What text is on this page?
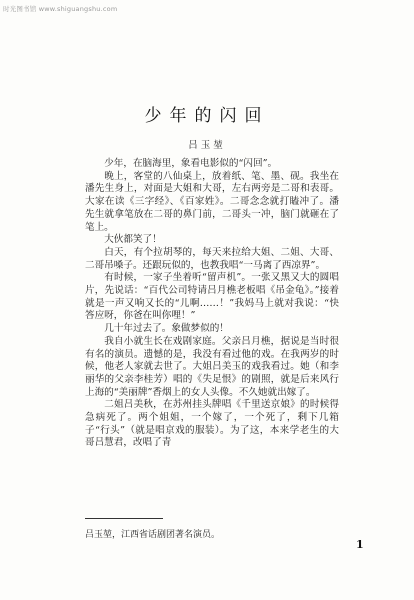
时光图书馆 www.shiguangshu.com
少年的闪回
吕玉堃

少年，在脑海里，象看电影似的“闪回”。

晚上，客堂的八仙桌上，放着纸、笔、墨、砚。我坐在潘先生身上，对面是大姐和大哥，左右两旁是二哥和表哥。大家在读《三字经》、《百家姓》。二哥念念就打瞌冲了。潘先生就拿笔放在二哥的鼻门前，二哥头一冲，脑门就砸在了笔上。

大伙都笑了！

白天，有个拉胡琴的，每天来拉给大姐、二姐、大哥、二哥吊嗓子。还跟玩似的，也教我唱“一马离了西凉界”。

有时候，一家子坐着听“留声机”。一张又黑又大的圆唱片，先说话：“百代公司特请吕月樵老板唱《吊金龟》。”接着就是一声又响又长的“儿啊……！”我妈马上就对我说：“快答应呀，你爸在叫你哩！”

几十年过去了。象做梦似的！

我自小就生长在戏剧家庭。父亲吕月樵，据说是当时很有名的演员。遗憾的是，我没有看过他的戏。在我两岁的时候，他老人家就去世了。大姐吕美玉的戏我看过。她（和李丽华的父亲李桂芳）唱的《失足恨》的剧照，就是后来风行上海的“美丽牌”香烟上的女人头像。不久她就出嫁了。

二姐吕美秋，在苏州挂头牌唱《千里送京娘》的时候得急病死了。两个姐姐，一个嫁了，一个死了，剩下几箱子“行头”（就是唱京戏的服装）。为了这，本来学老生的大哥吕慧君，改唱了青

吕玉堃，江西省话剧团著名演员。
1
